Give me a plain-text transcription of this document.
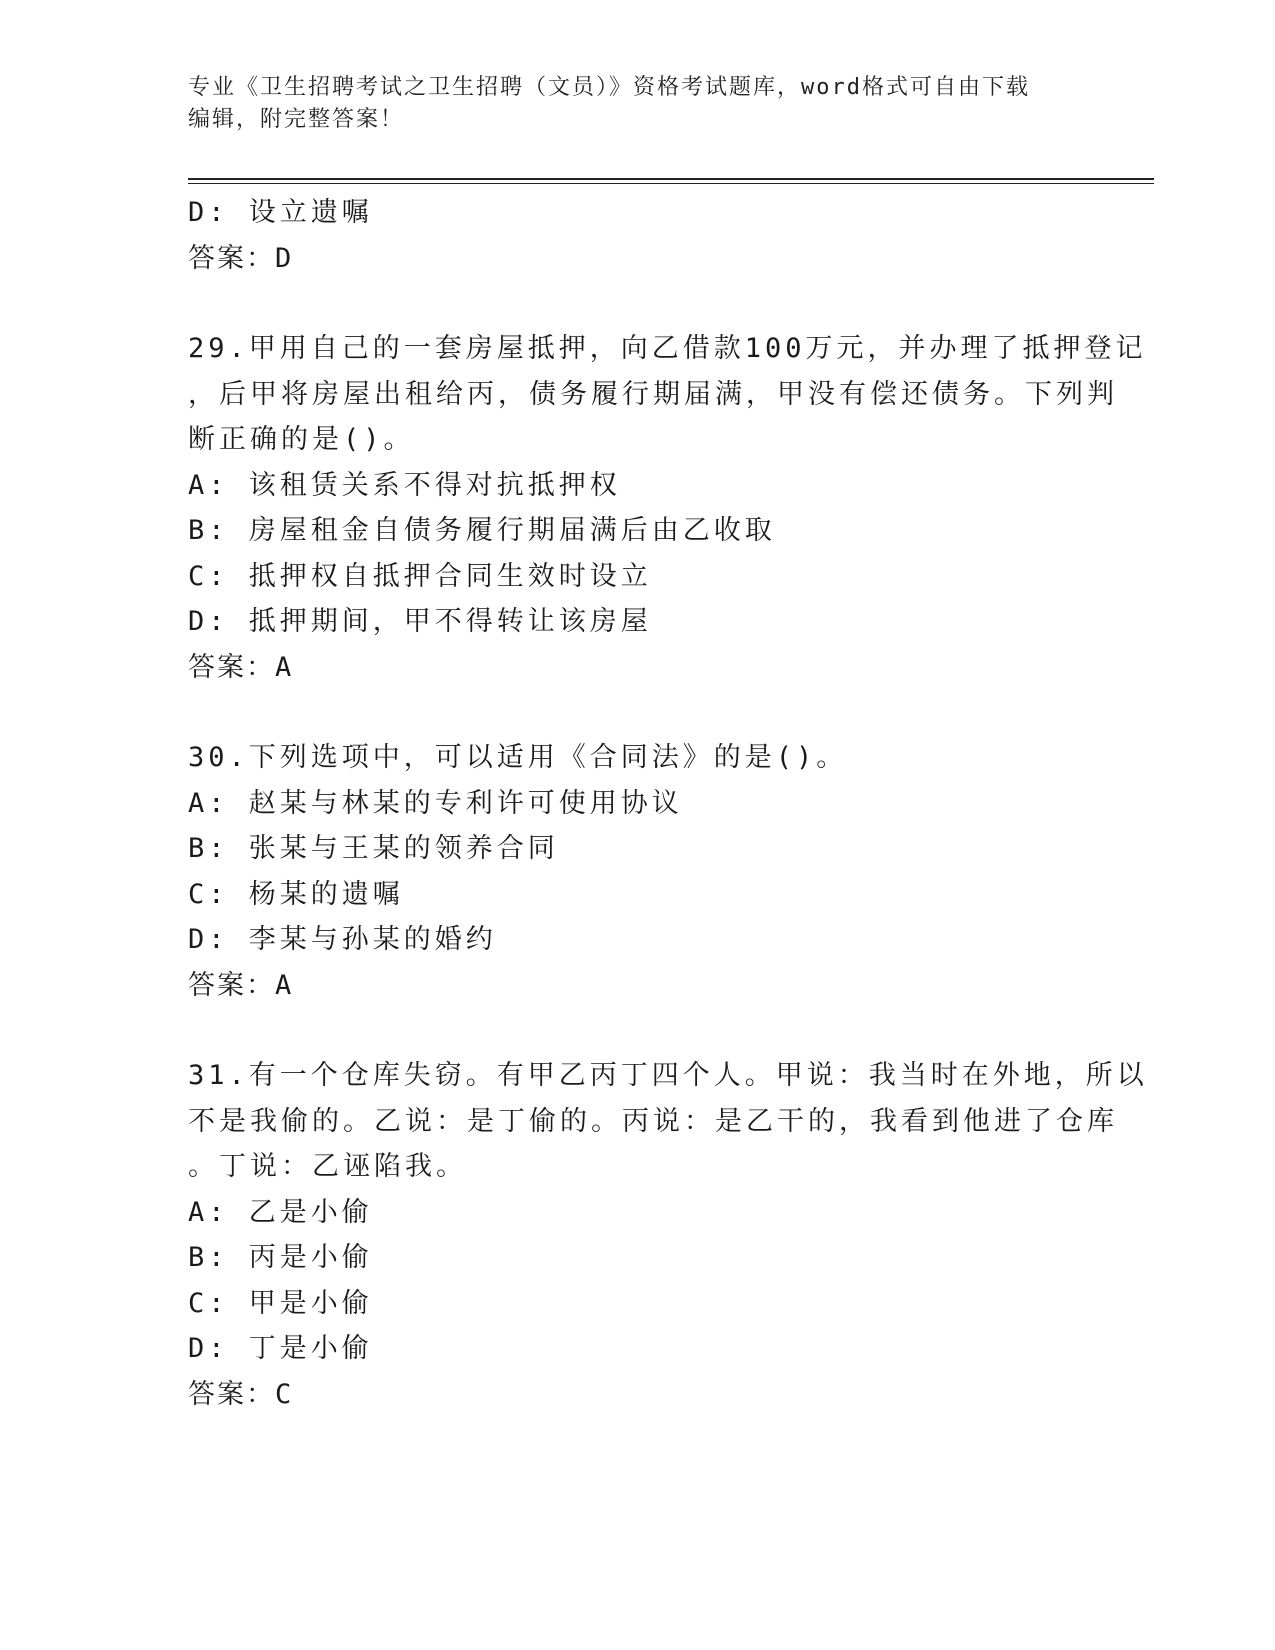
专业《卫生招聘考试之卫生招聘（文员）》资格考试题库，word格式可自由下载
编辑，附完整答案！
D: 设立遗嘱
答案：D
29.甲用自己的一套房屋抵押，向乙借款100万元，并办理了抵押登记
，后甲将房屋出租给丙，债务履行期届满，甲没有偿还债务。下列判
断正确的是()。
A: 该租赁关系不得对抗抵押权
B: 房屋租金自债务履行期届满后由乙收取
C: 抵押权自抵押合同生效时设立
D: 抵押期间，甲不得转让该房屋
答案：A
30.下列选项中，可以适用《合同法》的是()。
A: 赵某与林某的专利许可使用协议
B: 张某与王某的领养合同
C: 杨某的遗嘱
D: 李某与孙某的婚约
答案：A
31.有一个仓库失窃。有甲乙丙丁四个人。甲说：我当时在外地，所以
不是我偷的。乙说：是丁偷的。丙说：是乙干的，我看到他进了仓库
。丁说：乙诬陷我。
A: 乙是小偷
B: 丙是小偷
C: 甲是小偷
D: 丁是小偷
答案：C
